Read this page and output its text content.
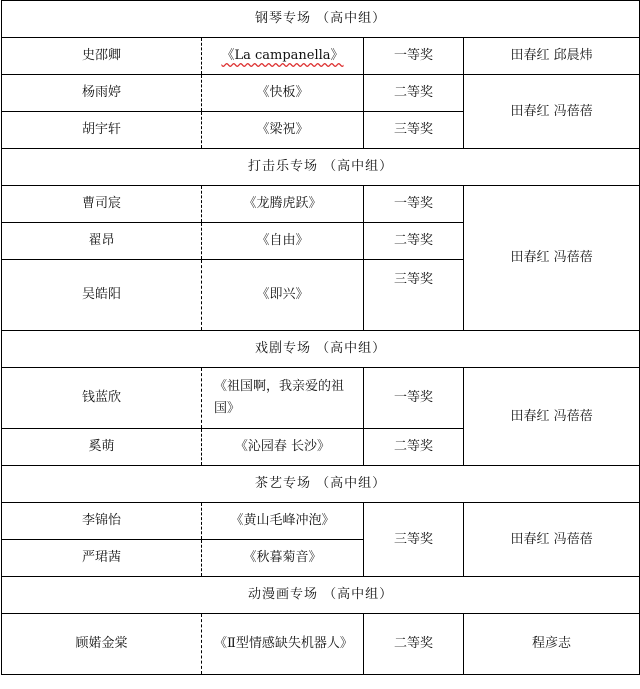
钢琴专场 （高中组）			
史邵卿	《La campanella》	一等奖	田春红 邱晨炜
杨雨婷	《快板》	二等奖	田春红 冯蓓蓓
胡宇轩	《梁祝》	三等奖	
打击乐专场 （高中组）			
曹司宸	《龙腾虎跃》	一等奖	田春红 冯蓓蓓
翟昂	《自由》	二等奖	
吴皓阳	《即兴》	三等奖	
戏剧专场 （高中组）			
钱蓝欣	《祖国啊，我亲爱的祖国》	一等奖	田春红 冯蓓蓓
奚萌	《沁园春 长沙》	二等奖	
茶艺专场 （高中组）			
李锦怡	《黄山毛峰冲泡》	三等奖	田春红 冯蓓蓓
严珺茜	《秋暮菊音》		
动漫画专场 （高中组）			
顾婼金棠	《Ⅱ型情感缺失机器人》	二等奖	程彦志
